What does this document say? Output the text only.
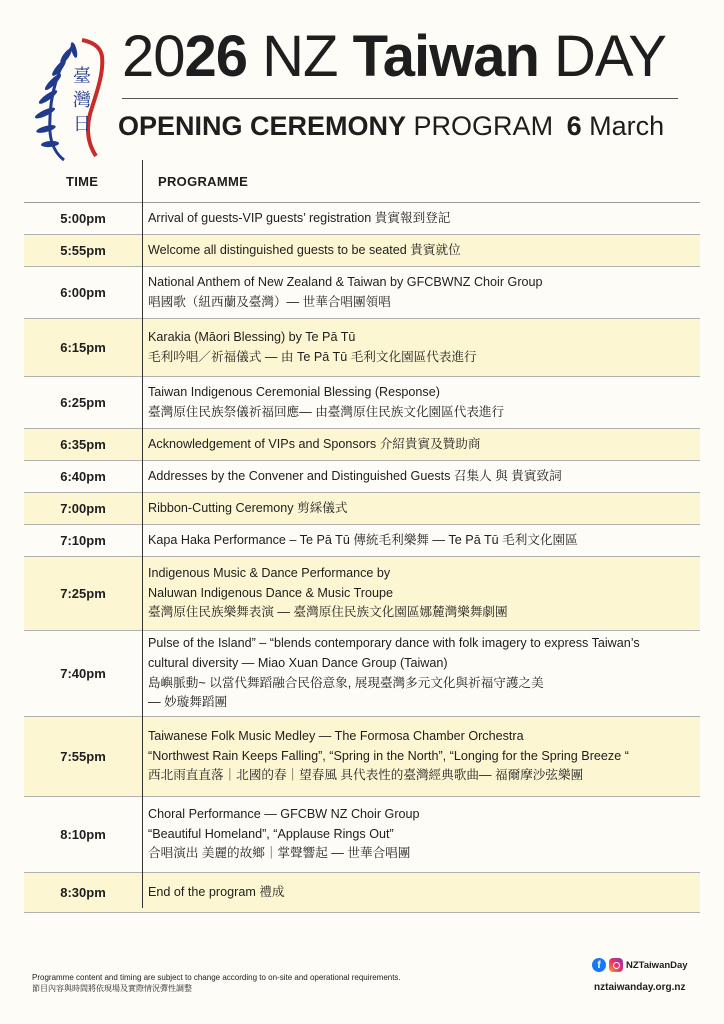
臺
灣
日
2026 NZ Taiwan DAY
OPENING CEREMONY PROGRAM 6 March
TIME	PROGRAMME
5:00pm	Arrival of guests-VIP guests’ registration 貴賓報到登記
5:55pm	Welcome all distinguished guests to be seated 貴賓就位
6:00pm
National Anthem of New Zealand & Taiwan by GFCBWNZ Choir Group
唱國歌（紐西蘭及臺灣）— 世華合唱團領唱
6:15pm
Karakia (Māori Blessing) by Te Pā Tū
毛利吟唱／祈福儀式 — 由 Te Pā Tū 毛利文化園區代表進行
6:25pm
Taiwan Indigenous Ceremonial Blessing (Response)
臺灣原住民族祭儀祈福回應— 由臺灣原住民族文化園區代表進行
6:35pm	Acknowledgement of VIPs and Sponsors 介紹貴賓及贊助商
6:40pm	Addresses by the Convener and Distinguished Guests 召集人 與 貴賓致詞
7:00pm	Ribbon-Cutting Ceremony 剪綵儀式
7:10pm	Kapa Haka Performance – Te Pā Tū 傳統毛利樂舞 — Te Pā Tū 毛利文化園區
7:25pm
Indigenous Music & Dance Performance by
Naluwan Indigenous Dance & Music Troupe
臺灣原住民族樂舞表演 — 臺灣原住民族文化園區娜麓灣樂舞劇團
7:40pm
Pulse of the Island” – “blends contemporary dance with folk imagery to express Taiwan’s
cultural diversity — Miao Xuan Dance Group (Taiwan)
島嶼脈動~ 以當代舞蹈融合民俗意象, 展現臺灣多元文化與祈福守護之美
— 妙璇舞蹈團
7:55pm
Taiwanese Folk Music Medley — The Formosa Chamber Orchestra
“Northwest Rain Keeps Falling”, “Spring in the North”, “Longing for the Spring Breeze “
西北雨直直落｜北國的春｜望春風 具代表性的臺灣經典歌曲— 福爾摩沙弦樂團
8:10pm
Choral Performance — GFCBW NZ Choir Group
“Beautiful Homeland”, “Applause Rings Out”
合唱演出 美麗的故鄉｜掌聲響起 — 世華合唱團
8:30pm	End of the program 禮成
Programme content and timing are subject to change according to on-site and operational requirements.
節目內容與時間將依現場及實際情況彈性調整
f	NZTaiwanDay
nztaiwanday.org.nz
